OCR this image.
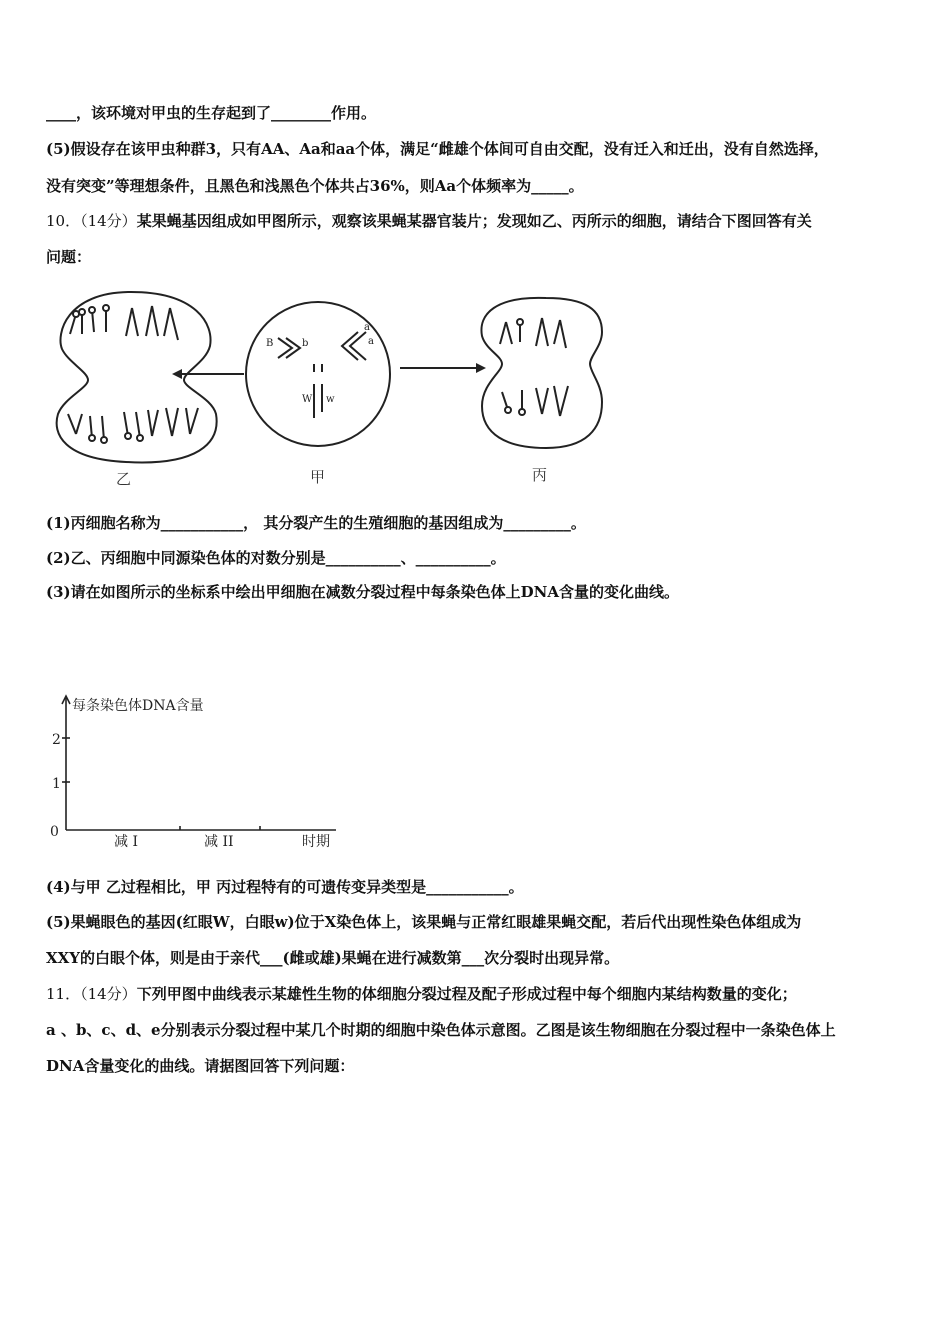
____，该环境对甲虫的生存起到了________作用。
(5)假设存在该甲虫种群3，只有AA、Aa和aa个体，满足“雌雄个体间可自由交配，没有迁入和迁出，没有自然选择，
没有突变”等理想条件，且黑色和浅黑色个体共占36%，则Aa个体频率为_____。
10．（14分）某果蝇基因组成如甲图所示，观察该果蝇某器官装片；发现如乙、丙所示的细胞，请结合下图回答有关
问题：
B	b
a
a
W w
乙	甲	丙
(1)丙细胞名称为___________， 其分裂产生的生殖细胞的基因组成为_________。
(2)乙、丙细胞中同源染色体的对数分别是__________、__________。
(3)请在如图所示的坐标系中绘出甲细胞在减数分裂过程中每条染色体上DNA含量的变化曲线。
每条染色体DNA含量
2
1
0
减 I	减 II	时期
(4)与甲 乙过程相比，甲 丙过程特有的可遗传变异类型是___________。
(5)果蝇眼色的基因(红眼W，白眼w)位于X染色体上，该果蝇与正常红眼雄果蝇交配，若后代出现性染色体组成为
XXY的白眼个体，则是由于亲代___(雌或雄)果蝇在进行减数第___次分裂时出现异常。
11．（14分）下列甲图中曲线表示某雄性生物的体细胞分裂过程及配子形成过程中每个细胞内某结构数量的变化；
a 、b、c、d、e分别表示分裂过程中某几个时期的细胞中染色体示意图。乙图是该生物细胞在分裂过程中一条染色体上
DNA含量变化的曲线。请据图回答下列问题：
